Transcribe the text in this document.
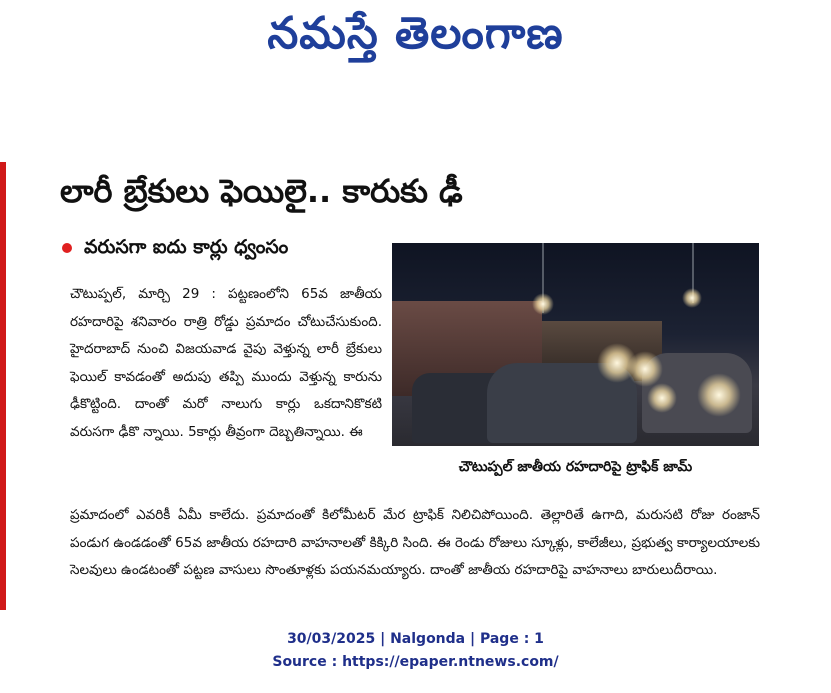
నమస్తే తెలంగాణ
లారీ బ్రేకులు ఫెయిలై.. కారుకు ఢీ
వరుసగా ఐదు కార్లు ధ్వంసం

చౌటుప్పల్, మార్చి 29 : పట్టణంలోని 65వ జాతీయ రహదారిపై శనివారం రాత్రి రోడ్డు ప్రమాదం చోటుచేసుకుంది. హైదరాబాద్ నుంచి విజయవాడ వైపు వెళ్తున్న లారీ బ్రేకులు ఫెయిల్ కావడంతో అదుపు తప్పి ముందు వెళ్తున్న కారును ఢీకొట్టింది. దాంతో మరో నాలుగు కార్లు ఒకదానికొకటి వరుసగా ఢీకొ న్నాయి. 5కార్లు తీవ్రంగా దెబ్బతిన్నాయి. ఈ

చౌటుప్పల్ జాతీయ రహదారిపై ట్రాఫిక్ జామ్

ప్రమాదంలో ఎవరికీ ఏమీ కాలేదు. ప్రమాదంతో కిలోమీటర్ మేర ట్రాఫిక్ నిలిచిపోయింది. తెల్లారితే ఉగాది, మరుసటి రోజు రంజాన్ పండుగ ఉండడంతో 65వ జాతీయ రహదారి వాహనాలతో కిక్కిరి సింది. ఈ రెండు రోజులు స్కూళ్లు, కాలేజీలు, ప్రభుత్వ కార్యాలయాలకు సెలవులు ఉండటంతో పట్టణ వాసులు సొంతూళ్లకు పయనమయ్యారు. దాంతో జాతీయ రహదారిపై వాహనాలు బారులుదీరాయి.

30/03/2025 | Nalgonda | Page : 1
Source : https://epaper.ntnews.com/
